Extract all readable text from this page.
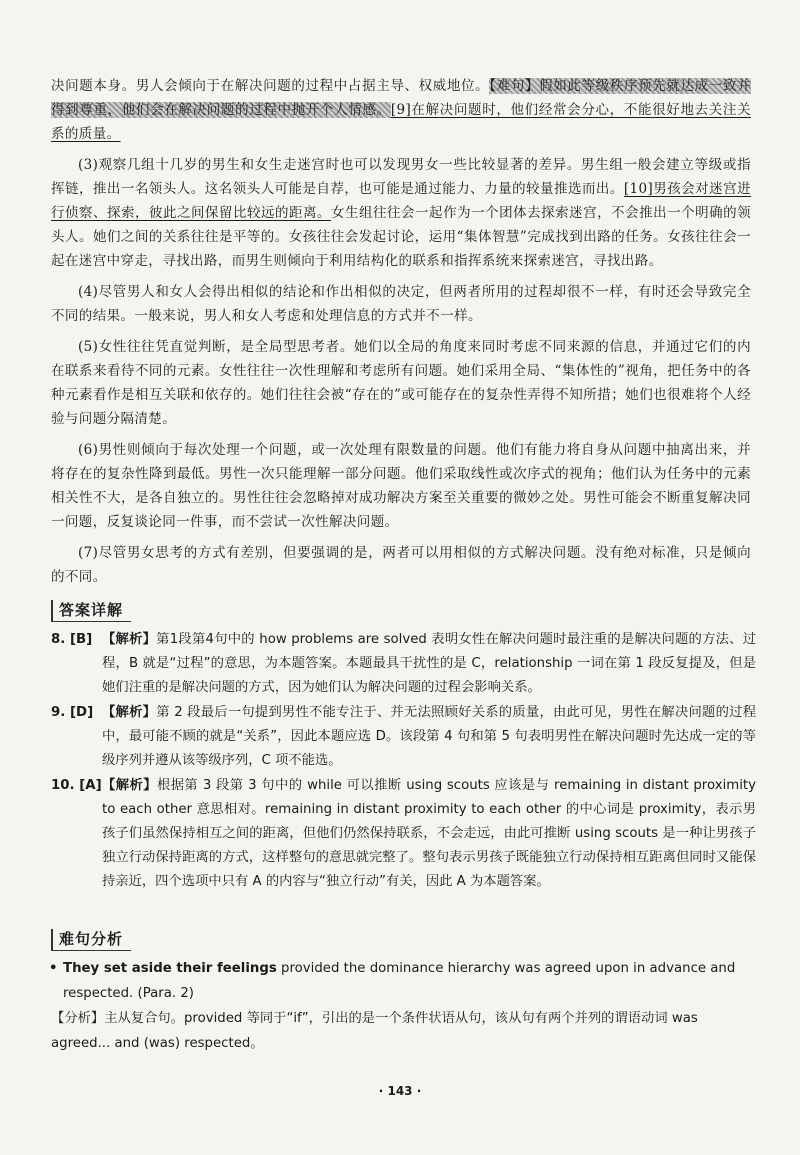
决问题本身。男人会倾向于在解决问题的过程中占据主导、权威地位。【难句】假如此等级秩序预先就达成一致并得到尊重，他们会在解决问题的过程中抛开个人情感。[9]在解决问题时，他们经常会分心，不能很好地去关注关系的质量。

(3)观察几组十几岁的男生和女生走迷宫时也可以发现男女一些比较显著的差异。男生组一般会建立等级或指挥链，推出一名领头人。这名领头人可能是自荐，也可能是通过能力、力量的较量推选而出。[10]男孩会对迷宫进行侦察、探索，彼此之间保留比较远的距离。女生组往往会一起作为一个团体去探索迷宫，不会推出一个明确的领头人。她们之间的关系往往是平等的。女孩往往会发起讨论，运用“集体智慧”完成找到出路的任务。女孩往往会一起在迷宫中穿走，寻找出路，而男生则倾向于利用结构化的联系和指挥系统来探索迷宫，寻找出路。

(4)尽管男人和女人会得出相似的结论和作出相似的决定，但两者所用的过程却很不一样，有时还会导致完全不同的结果。一般来说，男人和女人考虑和处理信息的方式并不一样。

(5)女性往往凭直觉判断，是全局型思考者。她们以全局的角度来同时考虑不同来源的信息，并通过它们的内在联系来看待不同的元素。女性往往一次性理解和考虑所有问题。她们采用全局、“集体性的”视角，把任务中的各种元素看作是相互关联和依存的。她们往往会被“存在的”或可能存在的复杂性弄得不知所措；她们也很难将个人经验与问题分隔清楚。

(6)男性则倾向于每次处理一个问题，或一次处理有限数量的问题。他们有能力将自身从问题中抽离出来，并将存在的复杂性降到最低。男性一次只能理解一部分问题。他们采取线性或次序式的视角；他们认为任务中的元素相关性不大，是各自独立的。男性往往会忽略掉对成功解决方案至关重要的微妙之处。男性可能会不断重复解决同一问题，反复谈论同一件事，而不尝试一次性解决问题。

(7)尽管男女思考的方式有差别，但要强调的是，两者可以用相似的方式解决问题。没有绝对标准，只是倾向的不同。

答案详解
8. [B] 【解析】第1段第4句中的 how problems are solved 表明女性在解决问题时最注重的是解决问题的方法、过程，B 就是“过程”的意思，为本题答案。本题最具干扰性的是 C，relationship 一词在第 1 段反复提及，但是她们注重的是解决问题的方式，因为她们认为解决问题的过程会影响关系。
9. [D] 【解析】第 2 段最后一句提到男性不能专注于、并无法照顾好关系的质量，由此可见，男性在解决问题的过程中，最可能不顾的就是“关系”，因此本题应选 D。该段第 4 句和第 5 句表明男性在解决问题时先达成一定的等级序列并遵从该等级序列，C 项不能选。
10. [A] 【解析】根据第 3 段第 3 句中的 while 可以推断 using scouts 应该是与 remaining in distant proximity to each other 意思相对。remaining in distant proximity to each other 的中心词是 proximity，表示男孩子们虽然保持相互之间的距离，但他们仍然保持联系，不会走远，由此可推断 using scouts 是一种让男孩子独立行动保持距离的方式，这样整句的意思就完整了。整句表示男孩子既能独立行动保持相互距离但同时又能保持亲近，四个选项中只有 A 的内容与“独立行动”有关，因此 A 为本题答案。
难句分析
• They set aside their feelings provided the dominance hierarchy was agreed upon in advance and respected. (Para. 2)
【分析】主从复合句。provided 等同于“if”，引出的是一个条件状语从句，该从句有两个并列的谓语动词 was agreed... and (was) respected。
· 143 ·
